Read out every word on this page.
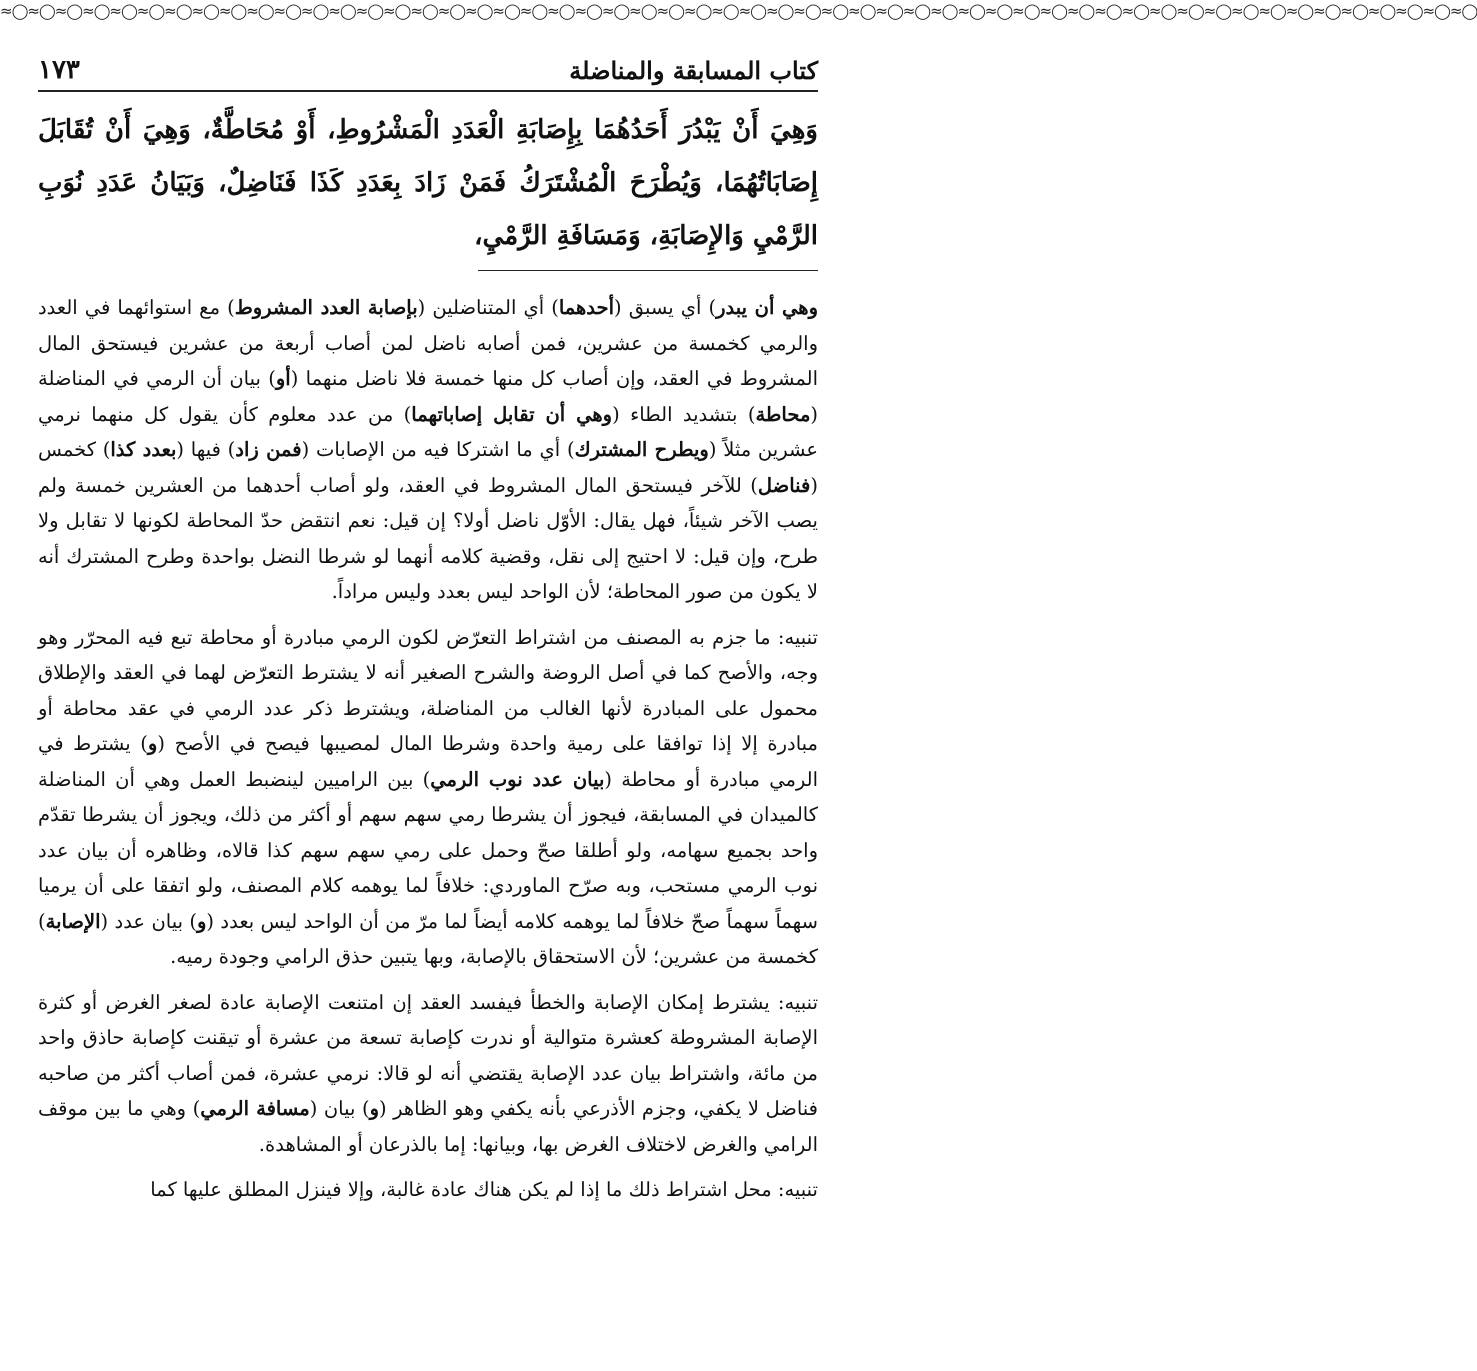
≈◯≈◯≈◯≈◯≈◯≈◯≈◯≈◯≈◯≈◯≈◯≈◯≈◯≈◯≈◯≈◯≈◯≈◯≈◯≈◯≈◯≈◯≈◯≈◯≈◯≈◯≈◯≈◯≈◯≈◯≈◯≈◯≈◯≈◯≈◯≈◯≈◯≈◯≈◯≈◯≈◯≈◯≈◯≈◯≈◯≈◯≈◯≈◯≈◯≈◯≈◯≈◯≈◯≈◯
كتاب المسابقة والمناضلة
١٧٣
وَهِيَ أَنْ يَبْدُرَ أَحَدُهُمَا بِإِصَابَةِ الْعَدَدِ الْمَشْرُوطِ، أَوْ مُحَاطَّةٌ، وَهِيَ أَنْ تُقَابَلَ إِصَابَاتُهُمَا، وَيُطْرَحَ الْمُشْتَرَكُ فَمَنْ زَادَ بِعَدَدِ كَذَا فَنَاضِلٌ، وَبَيَانُ عَدَدِ نُوَبِ الرَّمْيِ وَالإِصَابَةِ، وَمَسَافَةِ الرَّمْيِ،

وهي أن يبدر) أي يسبق (أحدهما) أي المتناضلين (بإصابة العدد المشروط) مع استوائهما في العدد والرمي كخمسة من عشرين، فمن أصابه ناضل لمن أصاب أربعة من عشرين فيستحق المال المشروط في العقد، وإن أصاب كل منها خمسة فلا ناضل منهما (أو) بيان أن الرمي في المناضلة (محاطة) بتشديد الطاء (وهي أن تقابل إصاباتهما) من عدد معلوم كأن يقول كل منهما نرمي عشرين مثلاً (ويطرح المشترك) أي ما اشتركا فيه من الإصابات (فمن زاد) فيها (بعدد كذا) كخمس (فناضل) للآخر فيستحق المال المشروط في العقد، ولو أصاب أحدهما من العشرين خمسة ولم يصب الآخر شيئاً، فهل يقال: الأوّل ناضل أولا؟ إن قيل: نعم انتقض حدّ المحاطة لكونها لا تقابل ولا طرح، وإن قيل: لا احتيج إلى نقل، وقضية كلامه أنهما لو شرطا النضل بواحدة وطرح المشترك أنه لا يكون من صور المحاطة؛ لأن الواحد ليس بعدد وليس مراداً.

تنبيه: ما جزم به المصنف من اشتراط التعرّض لكون الرمي مبادرة أو محاطة تبع فيه المحرّر وهو وجه، والأصح كما في أصل الروضة والشرح الصغير أنه لا يشترط التعرّض لهما في العقد والإطلاق محمول على المبادرة لأنها الغالب من المناضلة، ويشترط ذكر عدد الرمي في عقد محاطة أو مبادرة إلا إذا توافقا على رمية واحدة وشرطا المال لمصيبها فيصح في الأصح (و) يشترط في الرمي مبادرة أو محاطة (بيان عدد نوب الرمي) بين الراميين لينضبط العمل وهي أن المناضلة كالميدان في المسابقة، فيجوز أن يشرطا رمي سهم سهم أو أكثر من ذلك، ويجوز أن يشرطا تقدّم واحد بجميع سهامه، ولو أطلقا صحّ وحمل على رمي سهم سهم كذا قالاه، وظاهره أن بيان عدد نوب الرمي مستحب، وبه صرّح الماوردي: خلافاً لما يوهمه كلام المصنف، ولو اتفقا على أن يرميا سهماً سهماً صحّ خلافاً لما يوهمه كلامه أيضاً لما مرّ من أن الواحد ليس بعدد (و) بيان عدد (الإصابة) كخمسة من عشرين؛ لأن الاستحقاق بالإصابة، وبها يتبين حذق الرامي وجودة رميه.

تنبيه: يشترط إمكان الإصابة والخطأ فيفسد العقد إن امتنعت الإصابة عادة لصغر الغرض أو كثرة الإصابة المشروطة كعشرة متوالية أو ندرت كإصابة تسعة من عشرة أو تيقنت كإصابة حاذق واحد من مائة، واشتراط بيان عدد الإصابة يقتضي أنه لو قالا: نرمي عشرة، فمن أصاب أكثر من صاحبه فناضل لا يكفي، وجزم الأذرعي بأنه يكفي وهو الظاهر (و) بيان (مسافة الرمي) وهي ما بين موقف الرامي والغرض لاختلاف الغرض بها، وبيانها: إما بالذرعان أو المشاهدة.

تنبيه: محل اشتراط ذلك ما إذا لم يكن هناك عادة غالبة، وإلا فينزل المطلق عليها كما
